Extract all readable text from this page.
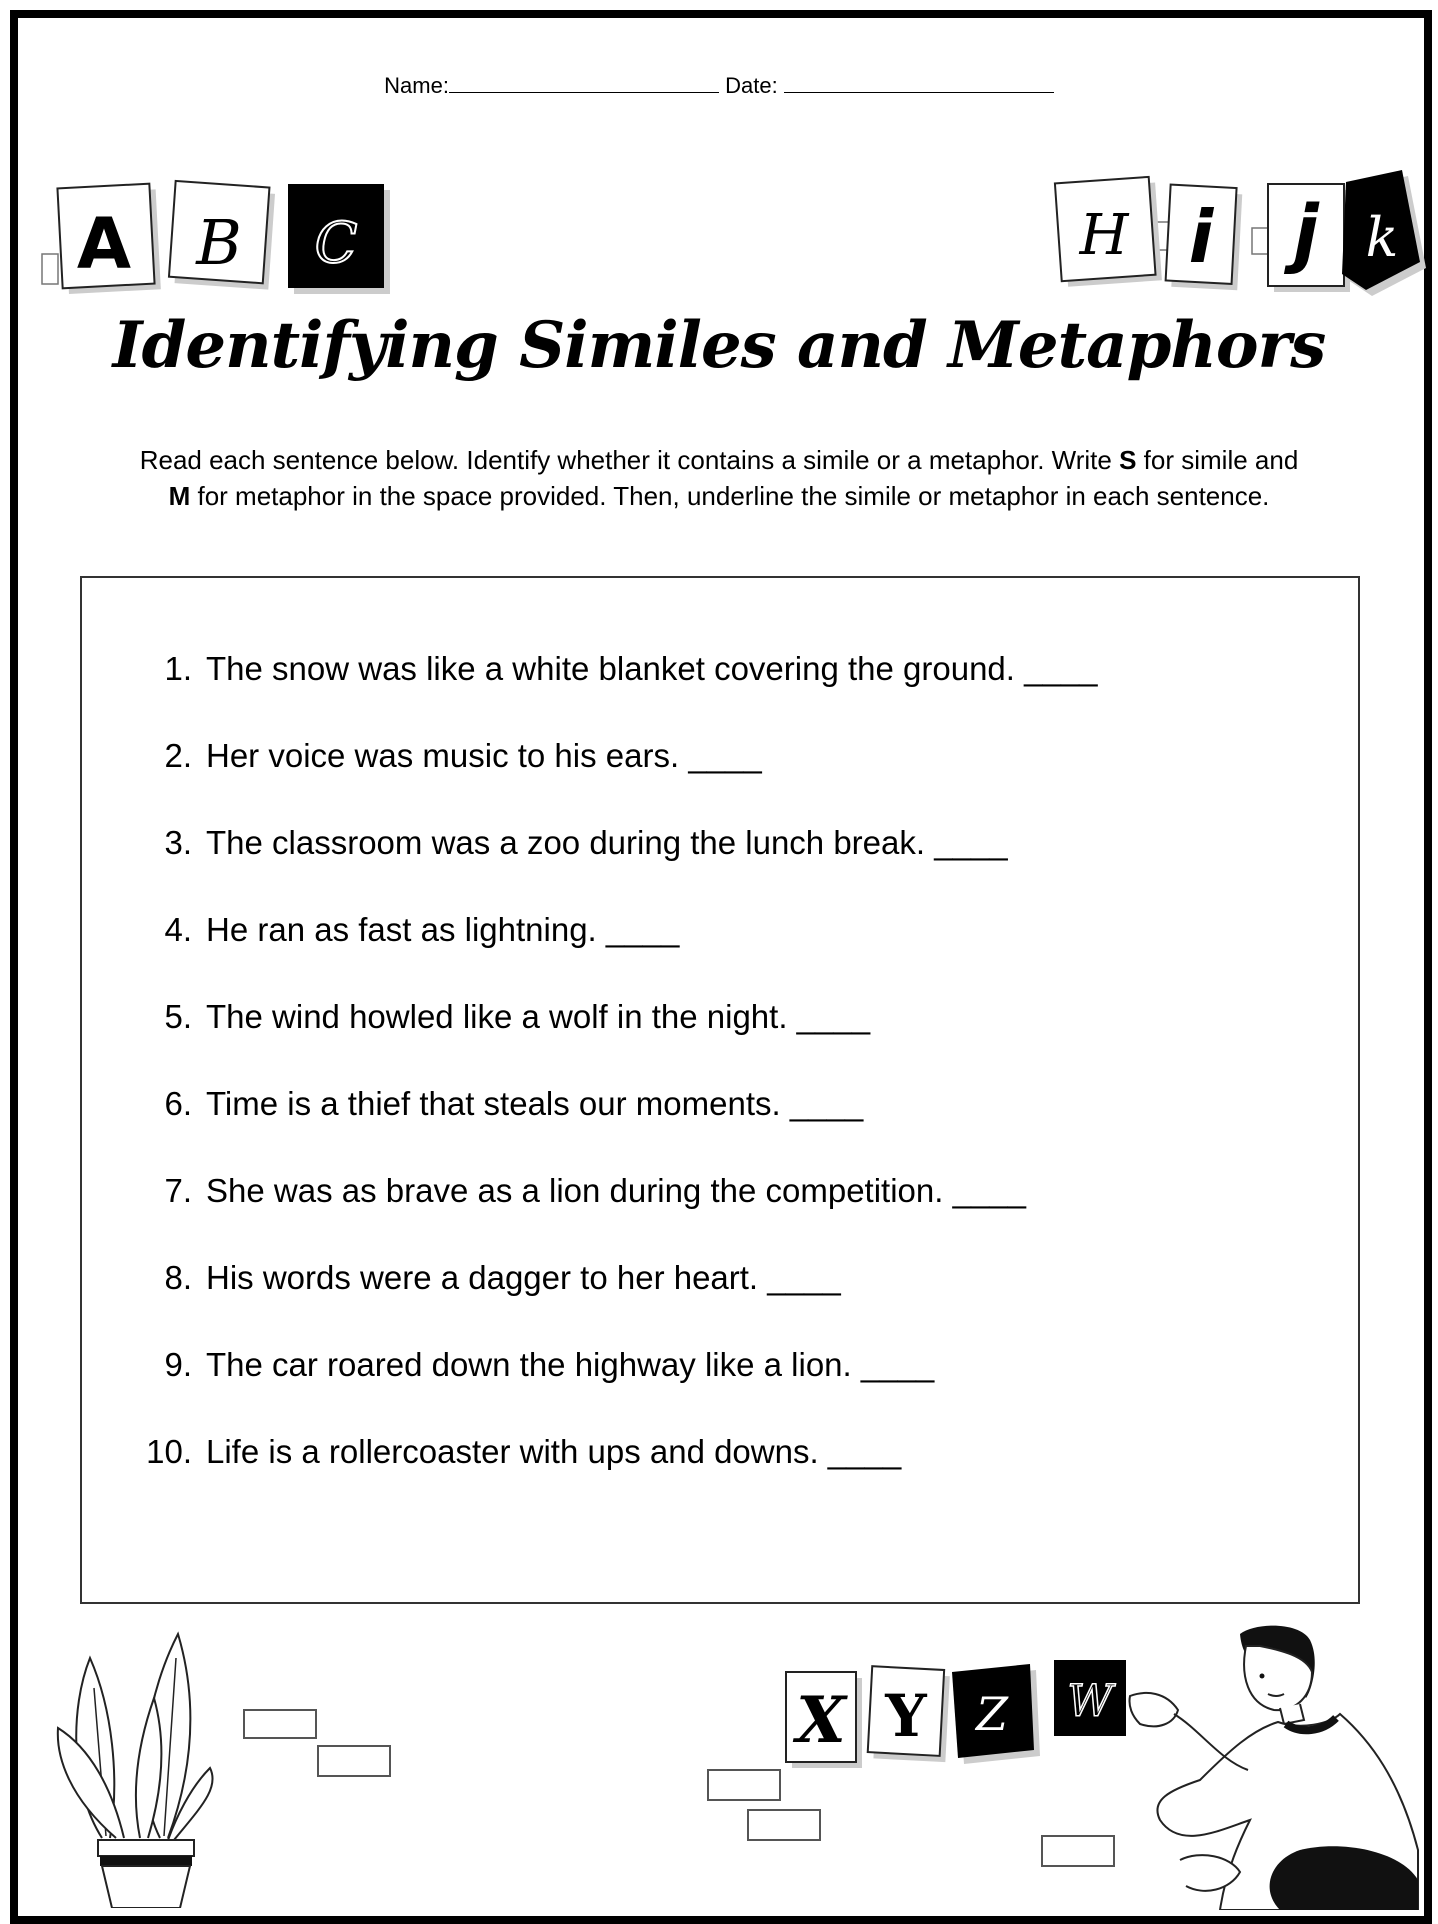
Name:	Date:
A B C	H i j k
Identifying Similes and Metaphors
Read each sentence below. Identify whether it contains a simile or a metaphor. Write S for simile and
M for metaphor in the space provided. Then, underline the simile or metaphor in each sentence.
1. The snow was like a white blanket covering the ground. ____
2. Her voice was music to his ears. ____
3. The classroom was a zoo during the lunch break. ____
4. He ran as fast as lightning. ____
5. The wind howled like a wolf in the night. ____
6. Time is a thief that steals our moments. ____
7. She was as brave as a lion during the competition. ____
8. His words were a dagger to her heart. ____
9. The car roared down the highway like a lion. ____
10. Life is a rollercoaster with ups and downs. ____
X Y Z W
